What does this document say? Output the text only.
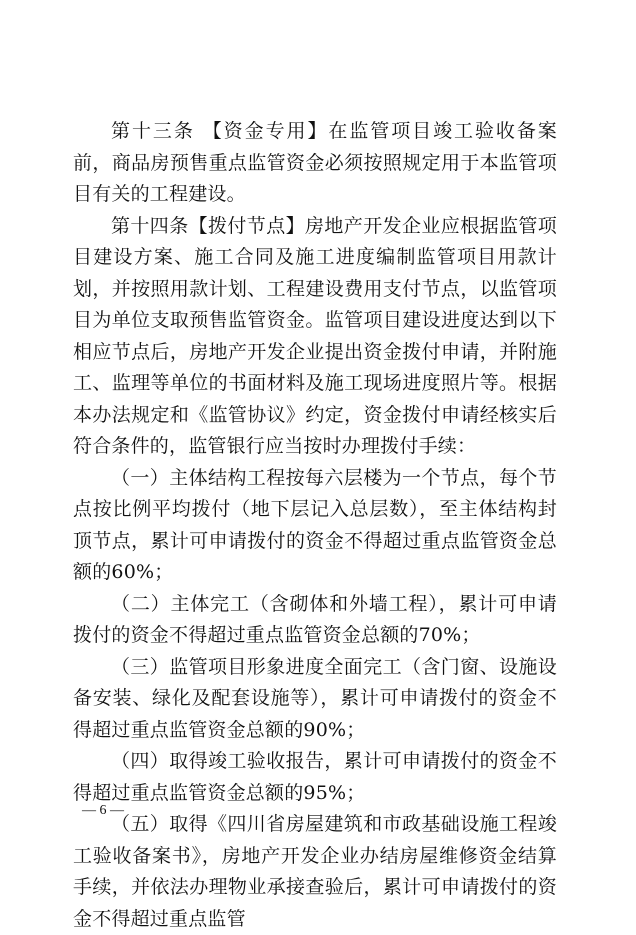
第十三条 【资金专用】在监管项目竣工验收备案前，商品房预售重点监管资金必须按照规定用于本监管项目有关的工程建设。

第十四条【拨付节点】房地产开发企业应根据监管项目建设方案、施工合同及施工进度编制监管项目用款计划，并按照用款计划、工程建设费用支付节点，以监管项目为单位支取预售监管资金。监管项目建设进度达到以下相应节点后，房地产开发企业提出资金拨付申请，并附施工、监理等单位的书面材料及施工现场进度照片等。根据本办法规定和《监管协议》约定，资金拨付申请经核实后符合条件的，监管银行应当按时办理拨付手续：

（一）主体结构工程按每六层楼为一个节点，每个节点按比例平均拨付（地下层记入总层数），至主体结构封顶节点，累计可申请拨付的资金不得超过重点监管资金总额的60%；

（二）主体完工（含砌体和外墙工程），累计可申请拨付的资金不得超过重点监管资金总额的70%；

（三）监管项目形象进度全面完工（含门窗、设施设备安装、绿化及配套设施等），累计可申请拨付的资金不得超过重点监管资金总额的90%；

（四）取得竣工验收报告，累计可申请拨付的资金不得超过重点监管资金总额的95%；

（五）取得《四川省房屋建筑和市政基础设施工程竣工验收备案书》，房地产开发企业办结房屋维修资金结算手续，并依法办理物业承接查验后，累计可申请拨付的资金不得超过重点监管

— 6 —
